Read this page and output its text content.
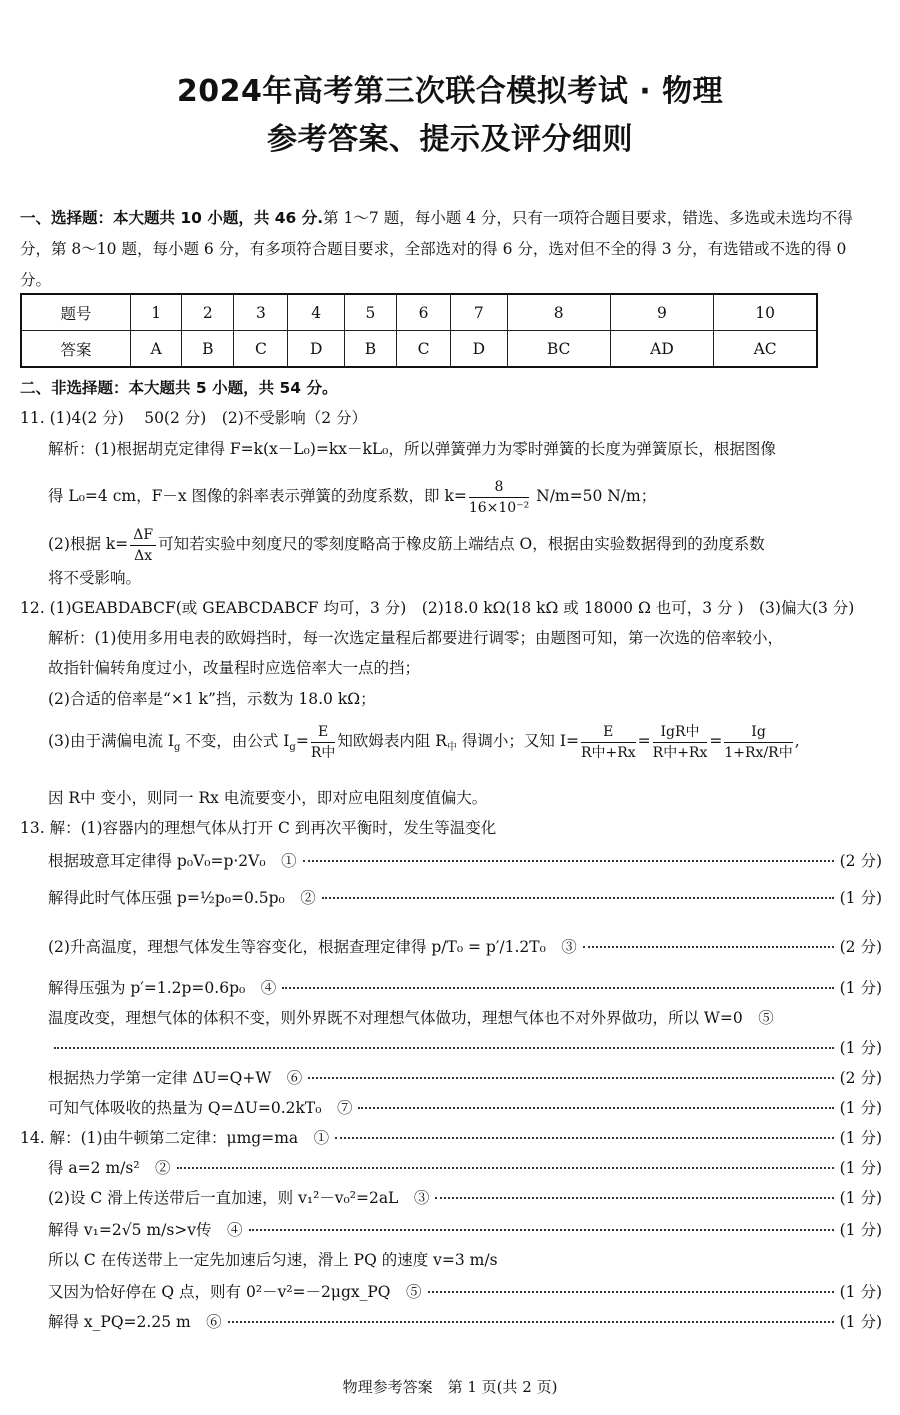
2024年高考第三次联合模拟考试 · 物理
参考答案、提示及评分细则
一、选择题：本大题共 10 小题，共 46 分.第 1～7 题，每小题 4 分，只有一项符合题目要求，错选、多选或未选均不得分，第 8～10 题，每小题 6 分，有多项符合题目要求，全部选对的得 6 分，选对但不全的得 3 分，有选错或不选的得 0 分。
题号	1	2	3	4	5	6	7	8	9	10
答案	A	B	C	D	B	C	D	BC	AD	AC
二、非选择题：本大题共 5 小题，共 54 分。
11. (1)4(2 分)　 50(2 分)　(2)不受影响（2 分）
解析：(1)根据胡克定律得 F=k(x－L₀)=kx－kL₀，所以弹簧弹力为零时弹簧的长度为弹簧原长，根据图像
得 L₀=4 cm，F－x 图像的斜率表示弹簧的劲度系数，即 $k= \frac{8}{\text{16×10⁻²}} N/m=50$ N/m；
(2)根据 $k= \frac{\Delta F}{\Delta x}$ 可知若实验中刻度尺的零刻度略高于橡皮筋上端结点 O，根据由实验数据得到的劲度系数
将不受影响。
12. (1)GEABDABCF(或 GEABCDABCF 均可，3 分)　(2)18.0 kΩ(18 kΩ 或 18000 Ω 也可，3 分 )　(3)偏大(3 分)
解析：(1)使用多用电表的欧姆挡时，每一次选定量程后都要进行调零；由题图可知，第一次选的倍率较小，
故指针偏转角度过小，改量程时应选倍率大一点的挡；
(2)合适的倍率是“×1 k”挡，示数为 18.0 kΩ；
(3)由于满偏电流 $I_g$ 不变，由公式 $I_g= \frac{E}{\text{R中}}$ 知欧姆表内阻 $R_中$ 得调小；又知 $I= \frac{E}{\text{R中+Rx}} = \frac{\text{IgR中}}{\text{R中+Rx}} = \frac{Ig}{\text{1+Rx/R中}}$ ,
因 R中 变小，则同一 Rx 电流要变小，即对应电阻刻度值偏大。
13. 解：(1)容器内的理想气体从打开 C 到再次平衡时，发生等温变化
根据玻意耳定律得 p₀V₀=p·2V₀　①	(2 分)
解得此时气体压强 p=½p₀=0.5p₀　②	(1 分)
(2)升高温度，理想气体发生等容变化，根据查理定律得 p/T₀ = p′/1.2T₀　③	(2 分)
解得压强为 p′=1.2p=0.6p₀　④	(1 分)
温度改变，理想气体的体积不变，则外界既不对理想气体做功，理想气体也不对外界做功，所以 W=0　⑤
(1 分)
根据热力学第一定律 ΔU=Q+W　⑥	(2 分)
可知气体吸收的热量为 Q=ΔU=0.2kT₀　⑦	(1 分)
14. 解：(1)由牛顿第二定律：μmg=ma　①	(1 分)
得 a=2 m/s²　②	(1 分)
(2)设 C 滑上传送带后一直加速，则 v₁²－v₀²=2aL　③	(1 分)
解得 v₁=2√5 m/s>v传　④	(1 分)
所以 C 在传送带上一定先加速后匀速，滑上 PQ 的速度 v=3 m/s
又因为恰好停在 Q 点，则有 0²－v²=－2μgx_PQ　⑤	(1 分)
解得 x_PQ=2.25 m　⑥	(1 分)
物理参考答案　第 1 页(共 2 页)
